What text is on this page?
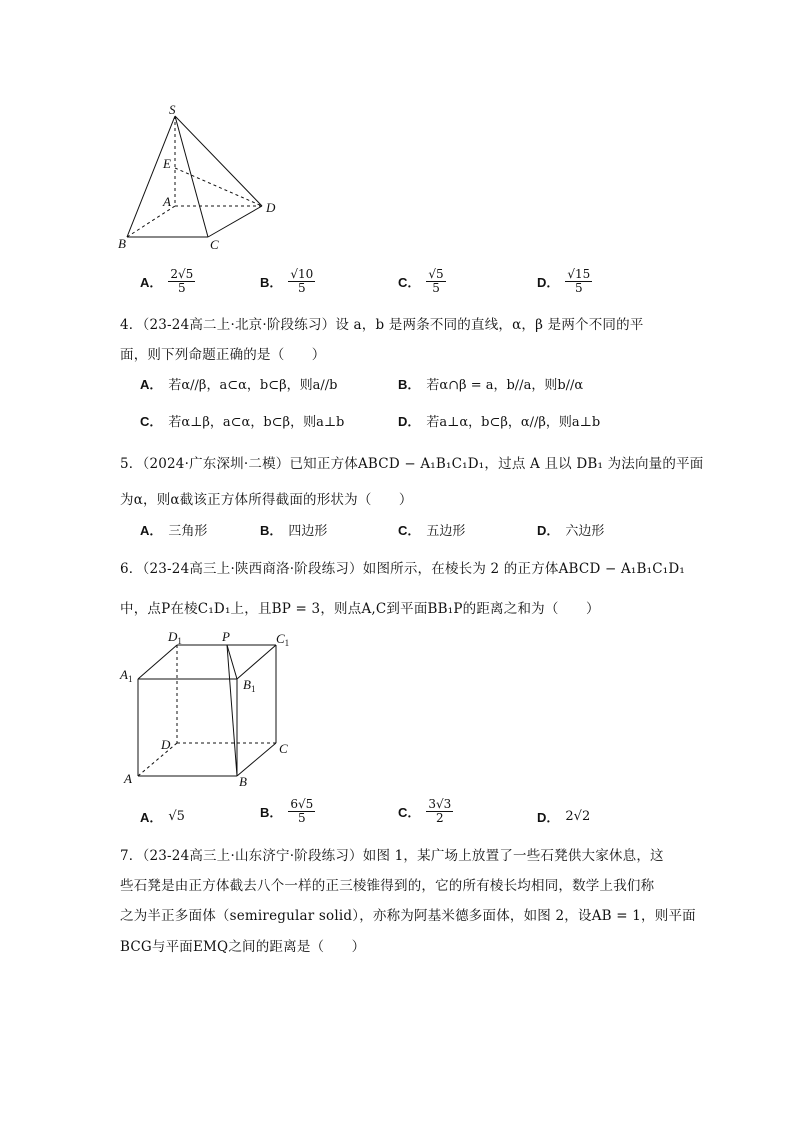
S
E
A	D
B	C
A． $\frac{2√5}{5}$	B． $\frac{√10}{5}$	C． $\frac{√5}{5}$	D． $\frac{√15}{5}$
4．（23-24高二上·北京·阶段练习）设 a，b 是两条不同的直线，α，β 是两个不同的平
面，则下列命题正确的是（　　）
A． 若α//β，a⊂α，b⊂β，则a//b	B． 若α∩β = a，b//a，则b//α
C． 若α⊥β，a⊂α，b⊂β，则a⊥b	D． 若a⊥α，b⊂β，α//β，则a⊥b
5．（2024·广东深圳·二模）已知正方体ABCD − A₁B₁C₁D₁，过点 A 且以 DB₁ 为法向量的平面
为α，则α截该正方体所得截面的形状为（　　）
A． 三角形	B． 四边形	C． 五边形	D． 六边形
6．（23-24高三上·陕西商洛·阶段练习）如图所示，在棱长为 2 的正方体ABCD − A₁B₁C₁D₁
中，点P在棱C₁D₁上，且BP = 3，则点A,C到平面BB₁P的距离之和为（　　）
$D_1$	P	$C_1$
$A_1$	$B_1$
D	C
A	B
A． √5	B． $\frac{6√5}{5}$	C． $\frac{3√3}{2}$	D． 2√2
7．（23-24高三上·山东济宁·阶段练习）如图 1，某广场上放置了一些石凳供大家休息，这
些石凳是由正方体截去八个一样的正三棱锥得到的，它的所有棱长均相同，数学上我们称
之为半正多面体（semiregular solid），亦称为阿基米德多面体，如图 2，设AB = 1，则平面
BCG与平面EMQ之间的距离是（　　）
